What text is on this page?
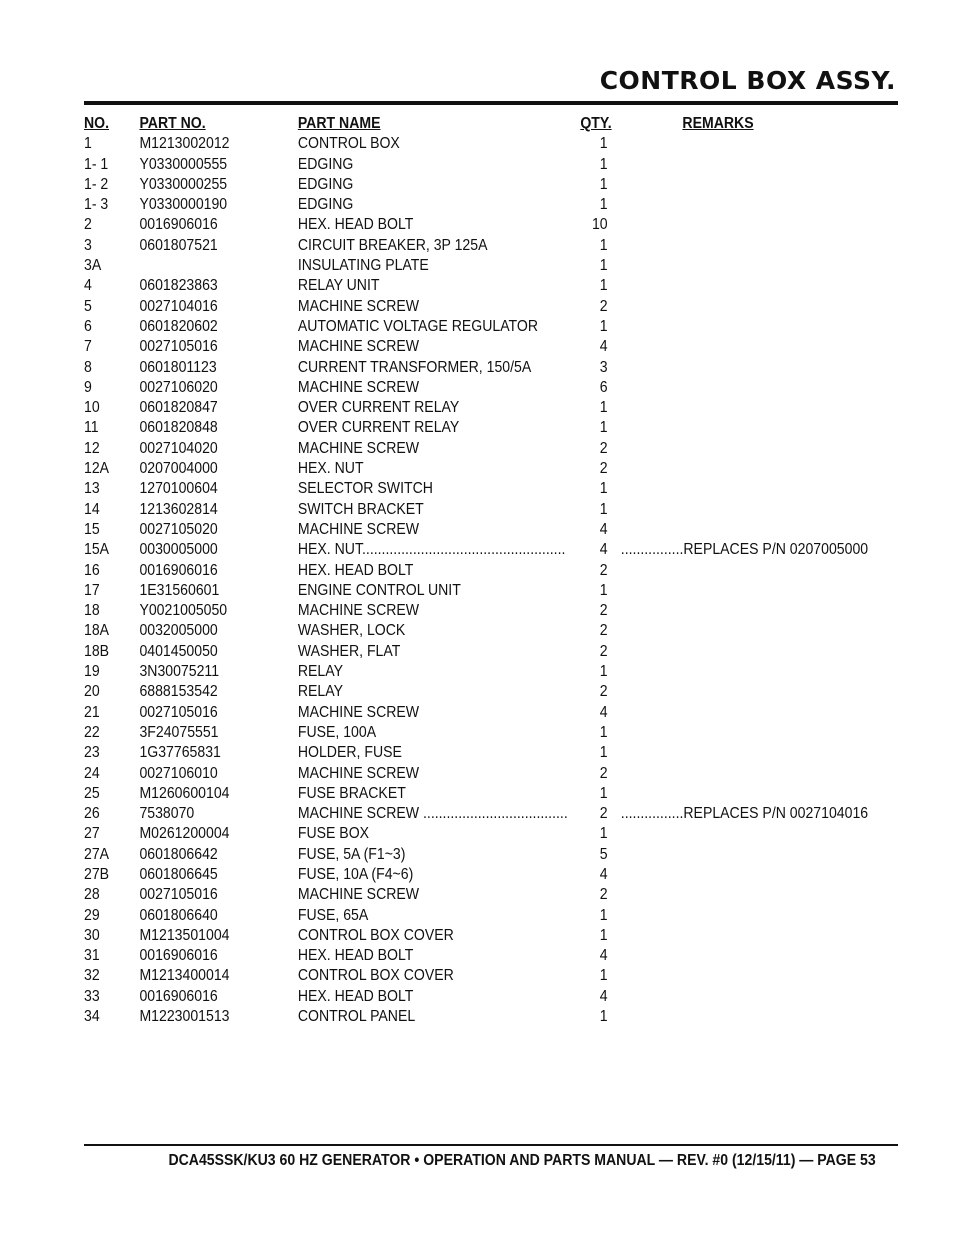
CONTROL BOX ASSY.
NO. PART NO.	PART NAME	QTY.	REMARKS
1	M1213002012	CONTROL BOX	1
1- 1 Y0330000555	EDGING	1
1- 2 Y0330000255	EDGING	1
1- 3 Y0330000190	EDGING	1
2	0016906016	HEX. HEAD BOLT	10
3	0601807521	CIRCUIT BREAKER, 3P 125A	1
3A	INSULATING PLATE	1
4	0601823863	RELAY UNIT	1
5	0027104016	MACHINE SCREW	2
6	0601820602	AUTOMATIC VOLTAGE REGULATOR	1
7	0027105016	MACHINE SCREW	4
8	0601801123	CURRENT TRANSFORMER, 150/5A	3
9	0027106020	MACHINE SCREW	6
10 0601820847	OVER CURRENT RELAY	1
11	0601820848	OVER CURRENT RELAY	1
12 0027104020	MACHINE SCREW	2
12A 0207004000	HEX. NUT	2
13 1270100604	SELECTOR SWITCH	1
14 1213602814	SWITCH BRACKET	1
15 0027105020	MACHINE SCREW	4
15A 0030005000	HEX. NUT....................................................	4 ................REPLACES P/N 0207005000
16 0016906016	HEX. HEAD BOLT	2
17 1E31560601	ENGINE CONTROL UNIT	1
18 Y0021005050	MACHINE SCREW	2
18A 0032005000	WASHER, LOCK	2
18B 0401450050	WASHER, FLAT	2
19 3N30075211	RELAY	1
20 6888153542	RELAY	2
21 0027105016	MACHINE SCREW	4
22 3F24075551	FUSE, 100A	1
23 1G37765831	HOLDER, FUSE	1
24 0027106010	MACHINE SCREW	2
25 M1260600104	FUSE BRACKET	1
26 7538070	MACHINE SCREW .....................................	2 ................REPLACES P/N 0027104016
27 M0261200004	FUSE BOX	1
27A 0601806642	FUSE, 5A (F1~3)	5
27B 0601806645	FUSE, 10A (F4~6)	4
28 0027105016	MACHINE SCREW	2
29 0601806640	FUSE, 65A	1
30 M1213501004	CONTROL BOX COVER	1
31 0016906016	HEX. HEAD BOLT	4
32 M1213400014	CONTROL BOX COVER	1
33 0016906016	HEX. HEAD BOLT	4
34 M1223001513	CONTROL PANEL	1
DCA45SSK/KU3 60 HZ GENERATOR • OPERATION AND PARTS MANUAL — REV. #0 (12/15/11) — PAGE 53
